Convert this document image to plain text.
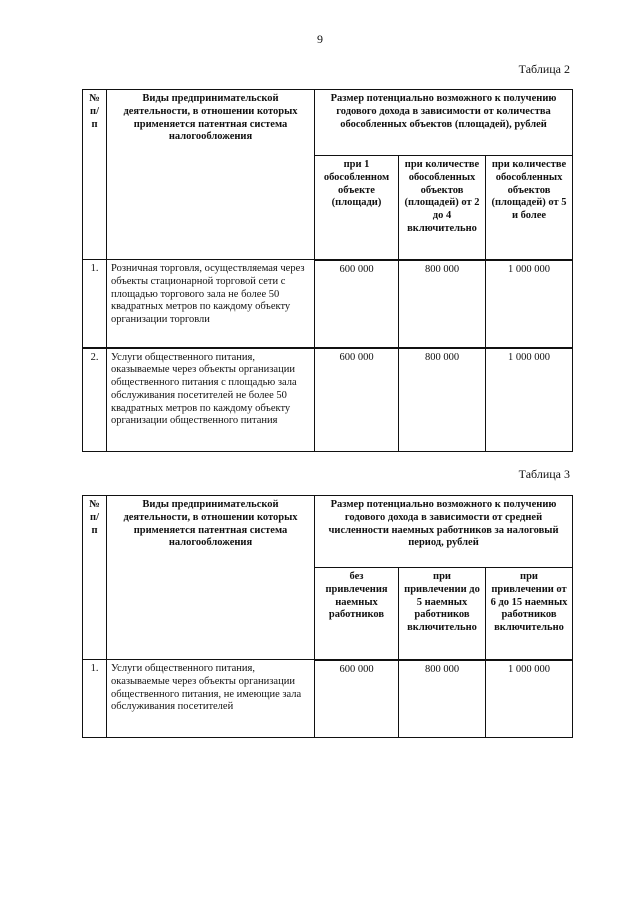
9
Таблица 2
№ п/п	Виды предпринимательской деятельности, в отношении которых применяется патентная система налогообложения	Размер потенциально возможного к получению годового дохода в зависимости от количества обособленных объектов (площадей), рублей		
		при 1 обособленном объекте (площади)	при количестве обособленных объектов (площадей) от 2 до 4 включительно	при количестве обособленных объектов (площадей) от 5 и более
1.	Розничная торговля, осуществляемая через объекты стационарной торговой сети с площадью торгового зала не более 50 квадратных метров по каждому объекту организации торговли	600 000	800 000	1 000 000
2.	Услуги общественного питания, оказываемые через объекты организации общественного питания с площадью зала обслуживания посетителей не более 50 квадратных метров по каждому объекту организации общественного питания	600 000	800 000	1 000 000
Таблица 3
№ п/п	Виды предпринимательской деятельности, в отношении которых применяется патентная система налогообложения	Размер потенциально возможного к получению годового дохода в зависимости от средней численности наемных работников за налоговый период, рублей		
		без привлечения наемных работников	при привлечении до 5 наемных работников включительно	при привлечении от 6 до 15 наемных работников включительно
1.	Услуги общественного питания, оказываемые через объекты организации общественного питания, не имеющие зала обслуживания посетителей	600 000	800 000	1 000 000
